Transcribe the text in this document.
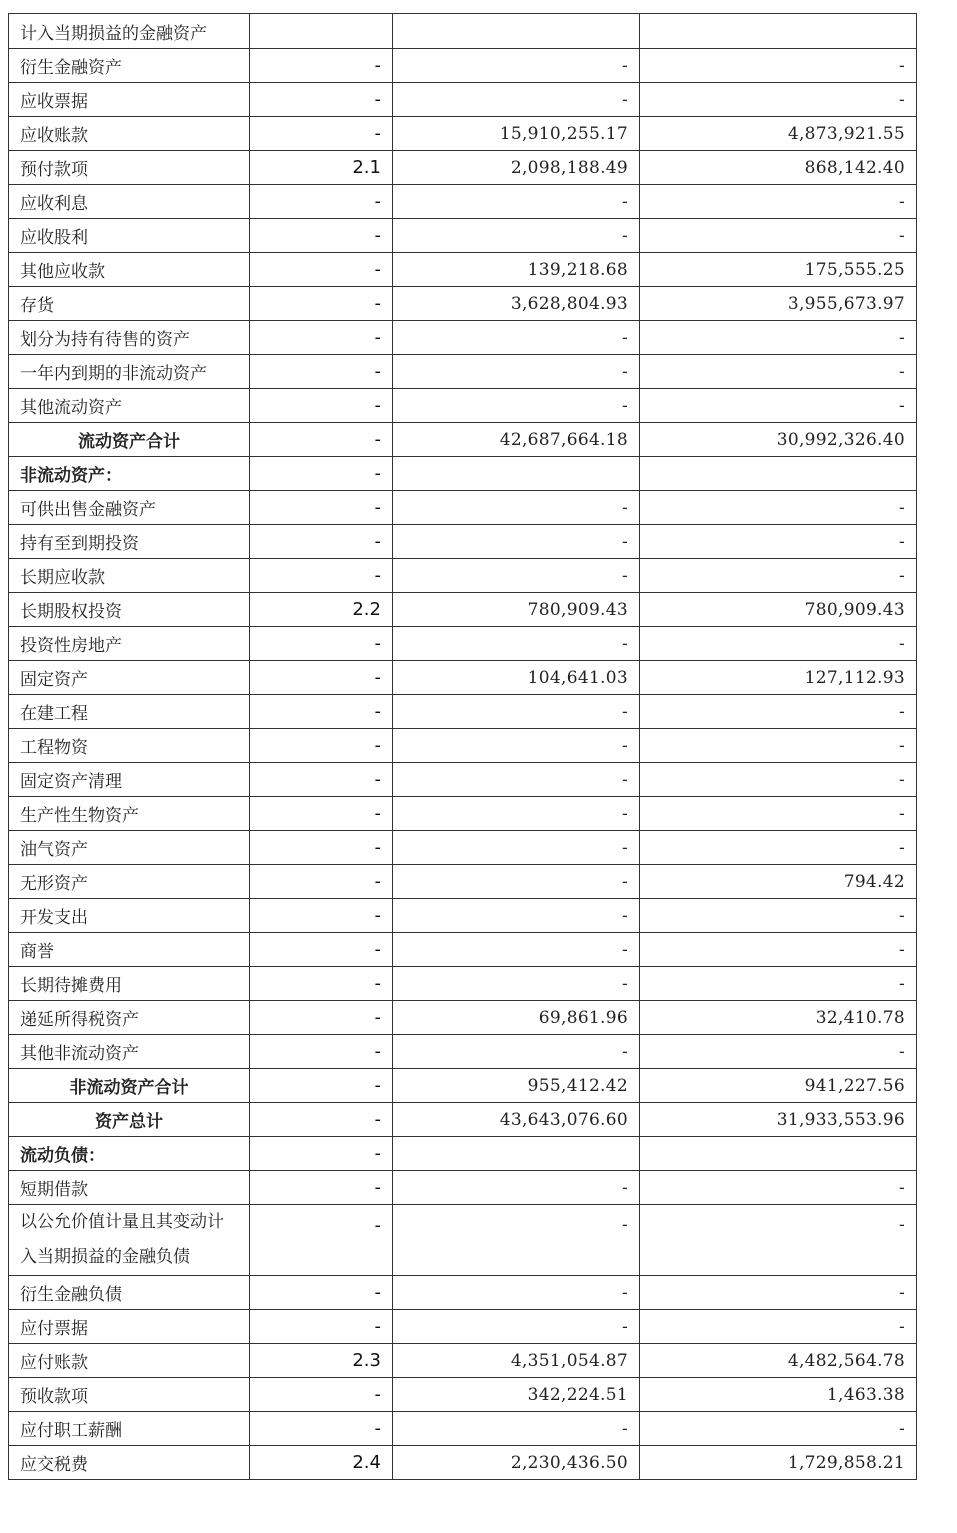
计入当期损益的金融资产			
衍生金融资产	-	-	-
应收票据	-	-	-
应收账款	-	15,910,255.17	4,873,921.55
预付款项	2.1	2,098,188.49	868,142.40
应收利息	-	-	-
应收股利	-	-	-
其他应收款	-	139,218.68	175,555.25
存货	-	3,628,804.93	3,955,673.97
划分为持有待售的资产	-	-	-
一年内到期的非流动资产	-	-	-
其他流动资产	-	-	-
流动资产合计	-	42,687,664.18	30,992,326.40
非流动资产：	-		
可供出售金融资产	-	-	-
持有至到期投资	-	-	-
长期应收款	-	-	-
长期股权投资	2.2	780,909.43	780,909.43
投资性房地产	-	-	-
固定资产	-	104,641.03	127,112.93
在建工程	-	-	-
工程物资	-	-	-
固定资产清理	-	-	-
生产性生物资产	-	-	-
油气资产	-	-	-
无形资产	-	-	794.42
开发支出	-	-	-
商誉	-	-	-
长期待摊费用	-	-	-
递延所得税资产	-	69,861.96	32,410.78
其他非流动资产	-	-	-
非流动资产合计	-	955,412.42	941,227.56
资产总计	-	43,643,076.60	31,933,553.96
流动负债：	-		
短期借款	-	-	-
以公允价值计量且其变动计入当期损益的金融负债	-	-	-
衍生金融负债	-	-	-
应付票据	-	-	-
应付账款	2.3	4,351,054.87	4,482,564.78
预收款项	-	342,224.51	1,463.38
应付职工薪酬	-	-	-
应交税费	2.4	2,230,436.50	1,729,858.21
